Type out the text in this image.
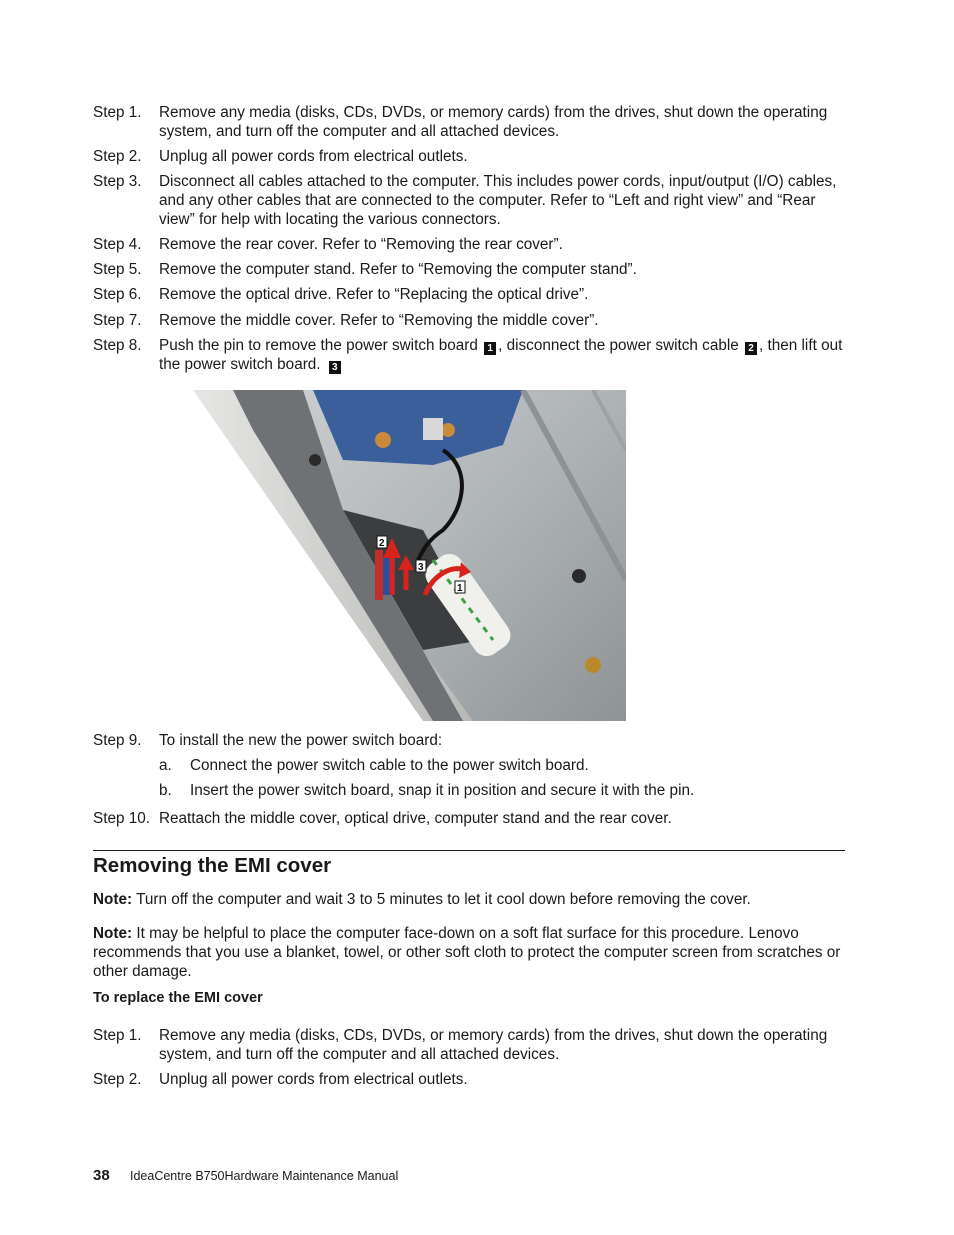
Step 1.	Remove any media (disks, CDs, DVDs, or memory cards) from the drives, shut down the operating system, and turn off the computer and all attached devices.
Step 2.	Unplug all power cords from electrical outlets.
Step 3.	Disconnect all cables attached to the computer. This includes power cords, input/output (I/O) cables, and any other cables that are connected to the computer. Refer to “Left and right view” and “Rear view” for help with locating the various connectors.
Step 4.	Remove the rear cover. Refer to “Removing the rear cover”.
Step 5.	Remove the computer stand. Refer to “Removing the computer stand”.
Step 6.	Remove the optical drive. Refer to “Replacing the optical drive”.
Step 7.	Remove the middle cover. Refer to “Removing the middle cover”.
Step 8.	Push the pin to remove the power switch board 1 , disconnect the power switch cable 2 , then lift out the power switch board. 3
2
3
1
Step 9.	To install the new the power switch board:
a. Connect the power switch cable to the power switch board.
b. Insert the power switch board, snap it in position and secure it with the pin.
Step 10. Reattach the middle cover, optical drive, computer stand and the rear cover.
Removing the EMI cover
Note: Turn off the computer and wait 3 to 5 minutes to let it cool down before removing the cover.
Note: It may be helpful to place the computer face-down on a soft flat surface for this procedure. Lenovo recommends that you use a blanket, towel, or other soft cloth to protect the computer screen from scratches or other damage.
To replace the EMI cover
Step 1.	Remove any media (disks, CDs, DVDs, or memory cards) from the drives, shut down the operating system, and turn off the computer and all attached devices.
Step 2.	Unplug all power cords from electrical outlets.
38 IdeaCentre B750Hardware Maintenance Manual
